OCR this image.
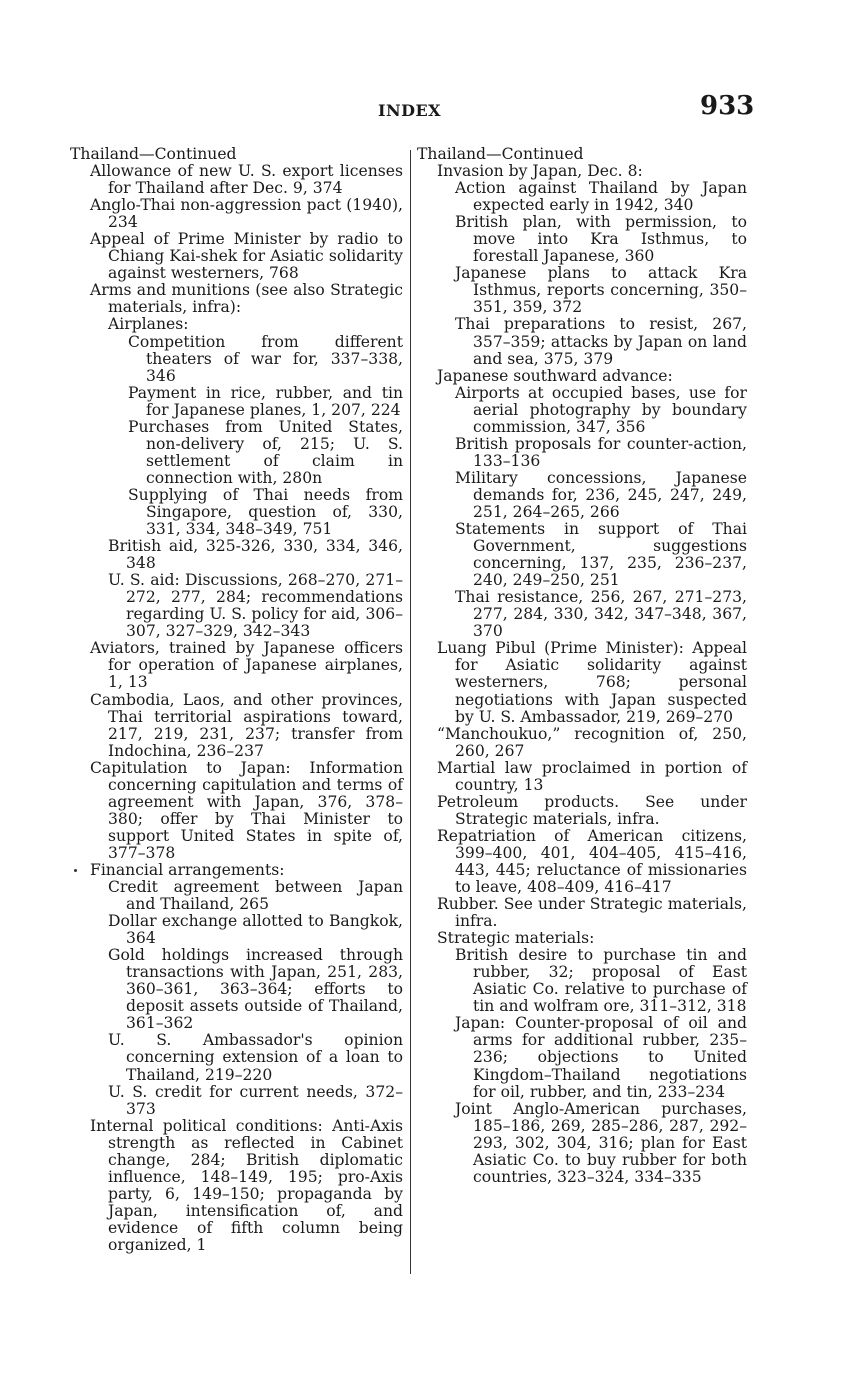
INDEX	933

Thailand—Continued

Allowance of new U. S. export licenses for Thailand after Dec. 9, 374

Anglo-Thai non-aggression pact (1940), 234

Appeal of Prime Minister by radio to Chiang Kai-shek for Asiatic solidarity against westerners, 768

Arms and munitions (see also Strategic materials, infra):

Airplanes:

Competition from different theaters of war for, 337–338, 346

Payment in rice, rubber, and tin for Japanese planes, 1, 207, 224

Purchases from United States, non-delivery of, 215; U. S. settlement of claim in connection with, 280n

Supplying of Thai needs from Singapore, question of, 330, 331, 334, 348–349, 751

British aid, 325-326, 330, 334, 346, 348

U. S. aid: Discussions, 268–270, 271–272, 277, 284; recommendations regarding U. S. policy for aid, 306–307, 327–329, 342–343

Aviators, trained by Japanese officers for operation of Japanese airplanes, 1, 13

Cambodia, Laos, and other provinces, Thai territorial aspirations toward, 217, 219, 231, 237; transfer from Indochina, 236–237

Capitulation to Japan: Information concerning capitulation and terms of agreement with Japan, 376, 378–380; offer by Thai Minister to support United States in spite of, 377–378

Financial arrangements:

Credit agreement between Japan and Thailand, 265

Dollar exchange allotted to Bangkok, 364

Gold holdings increased through transactions with Japan, 251, 283, 360–361, 363–364; efforts to deposit assets outside of Thailand, 361–362

U. S. Ambassador's opinion concerning extension of a loan to Thailand, 219–220

U. S. credit for current needs, 372–373

Internal political conditions: Anti-Axis strength as reflected in Cabinet change, 284; British diplomatic influence, 148–149, 195; pro-Axis party, 6, 149–150; propaganda by Japan, intensification of, and evidence of fifth column being organized, 1

Thailand—Continued

Invasion by Japan, Dec. 8:

Action against Thailand by Japan expected early in 1942, 340

British plan, with permission, to move into Kra Isthmus, to forestall Japanese, 360

Japanese plans to attack Kra Isthmus, reports concerning, 350–351, 359, 372

Thai preparations to resist, 267, 357–359; attacks by Japan on land and sea, 375, 379

Japanese southward advance:

Airports at occupied bases, use for aerial photography by boundary commission, 347, 356

British proposals for counter-action, 133–136

Military concessions, Japanese demands for, 236, 245, 247, 249, 251, 264–265, 266

Statements in support of Thai Government, suggestions concerning, 137, 235, 236–237, 240, 249–250, 251

Thai resistance, 256, 267, 271–273, 277, 284, 330, 342, 347–348, 367, 370

Luang Pibul (Prime Minister): Appeal for Asiatic solidarity against westerners, 768; personal negotiations with Japan suspected by U. S. Ambassador, 219, 269–270

“Manchoukuo,” recognition of, 250, 260, 267

Martial law proclaimed in portion of country, 13

Petroleum products. See under Strategic materials, infra.

Repatriation of American citizens, 399–400, 401, 404–405, 415–416, 443, 445; reluctance of missionaries to leave, 408–409, 416–417

Rubber. See under Strategic materials, infra.

Strategic materials:

British desire to purchase tin and rubber, 32; proposal of East Asiatic Co. relative to purchase of tin and wolfram ore, 311–312, 318

Japan: Counter-proposal of oil and arms for additional rubber, 235–236; objections to United Kingdom–Thailand negotiations for oil, rubber, and tin, 233–234

Joint Anglo-American purchases, 185–186, 269, 285–286, 287, 292–293, 302, 304, 316; plan for East Asiatic Co. to buy rubber for both countries, 323–324, 334–335
